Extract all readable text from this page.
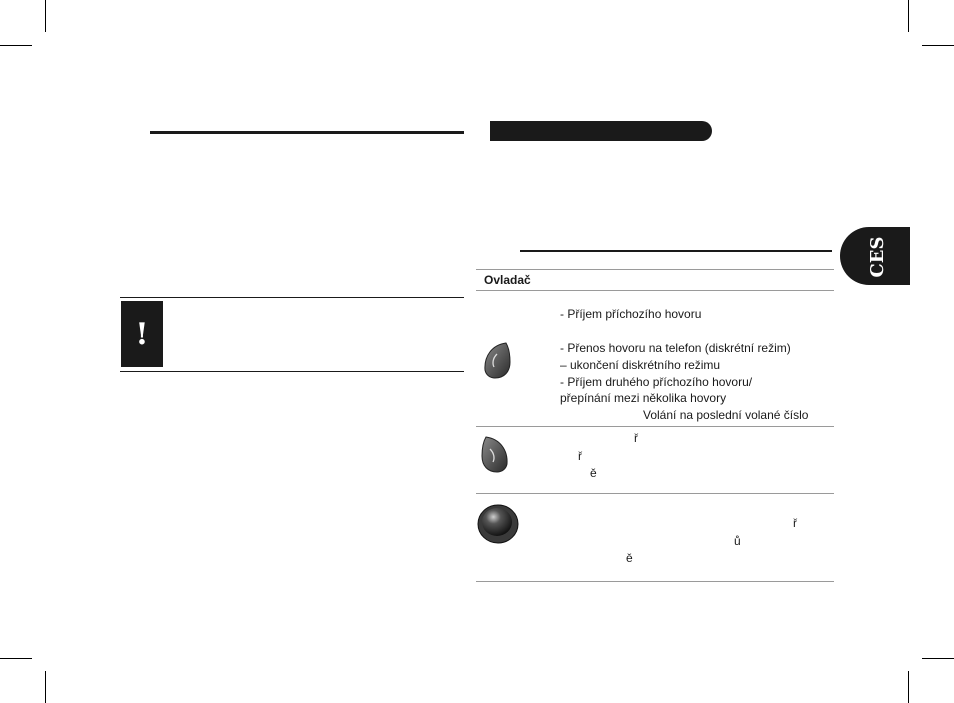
!
Ovladač
- Příjem příchozího hovoru
- Přenos hovoru na telefon (diskrétní režim)
– ukončení diskrétního režimu
- Příjem druhého příchozího hovoru/
přepínání mezi několika hovory
Volání na poslední volané číslo
ř
ř
ě
ř
ů
ě
CES
